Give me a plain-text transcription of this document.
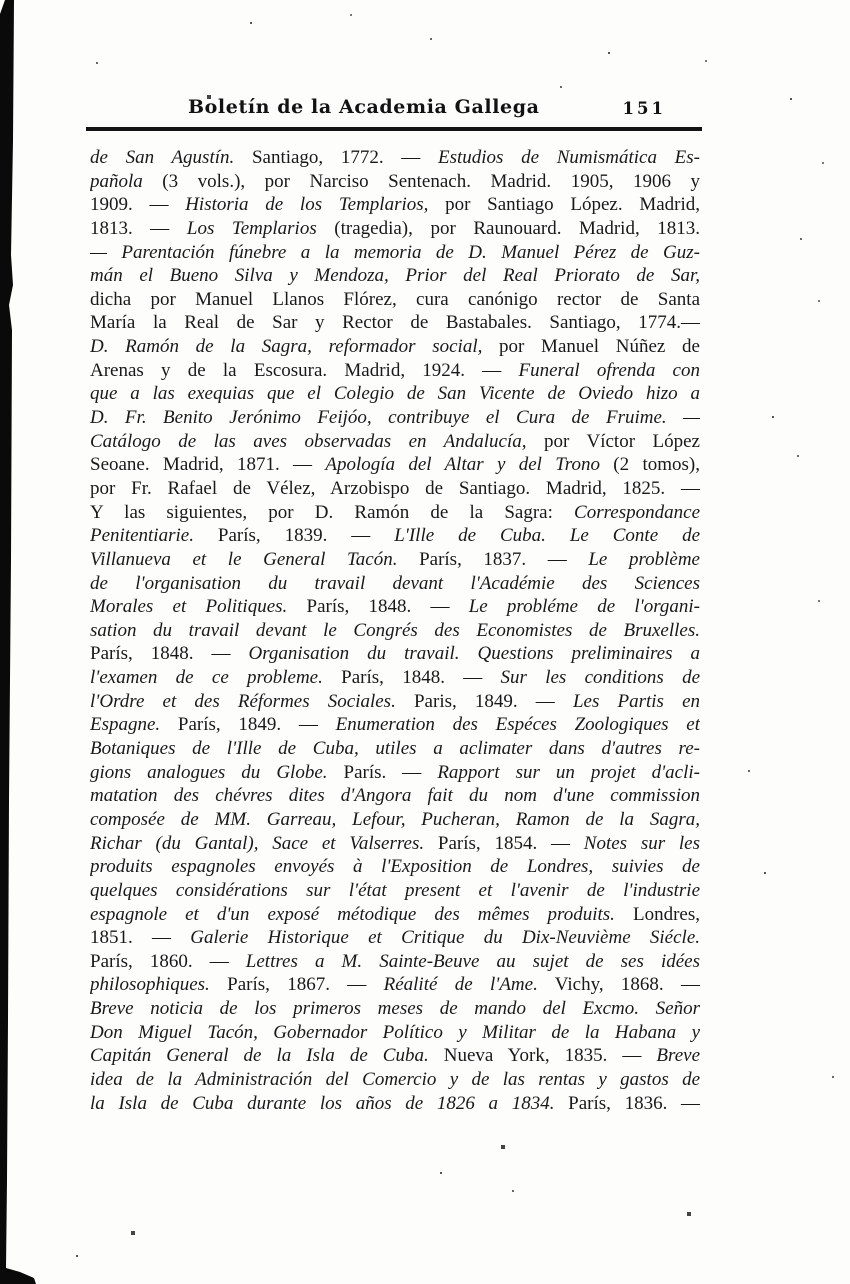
Boletín de la Academia Gallega	151
de San Agustín. Santiago, 1772. — Estudios de Numismática Es-
pañola (3 vols.), por Narciso Sentenach. Madrid. 1905, 1906 y
1909. — Historia de los Templarios, por Santiago López. Madrid,
1813. — Los Templarios (tragedia), por Raunouard. Madrid, 1813.
— Parentación fúnebre a la memoria de D. Manuel Pérez de Guz-
mán el Bueno Silva y Mendoza, Prior del Real Priorato de Sar,
dicha por Manuel Llanos Flórez, cura canónigo rector de Santa
María la Real de Sar y Rector de Bastabales. Santiago, 1774.—
D. Ramón de la Sagra, reformador social, por Manuel Núñez de
Arenas y de la Escosura. Madrid, 1924. — Funeral ofrenda con
que a las exequias que el Colegio de San Vicente de Oviedo hizo a
D. Fr. Benito Jerónimo Feijóo, contribuye el Cura de Fruime. —
Catálogo de las aves observadas en Andalucía, por Víctor López
Seoane. Madrid, 1871. — Apología del Altar y del Trono (2 tomos),
por Fr. Rafael de Vélez, Arzobispo de Santiago. Madrid, 1825. —
Y las siguientes, por D. Ramón de la Sagra: Correspondance
Penitentiarie. París, 1839. — L'Ille de Cuba. Le Conte de
Villanueva et le General Tacón. París, 1837. — Le problème
de l'organisation du travail devant l'Académie des Sciences
Morales et Politiques. París, 1848. — Le probléme de l'organi-
sation du travail devant le Congrés des Economistes de Bruxelles.
París, 1848. — Organisation du travail. Questions preliminaires a
l'examen de ce probleme. París, 1848. — Sur les conditions de
l'Ordre et des Réformes Sociales. Paris, 1849. — Les Partis en
Espagne. París, 1849. — Enumeration des Espéces Zoologiques et
Botaniques de l'Ille de Cuba, utiles a aclimater dans d'autres re-
gions analogues du Globe. París. — Rapport sur un projet d'acli-
matation des chévres dites d'Angora fait du nom d'une commission
composée de MM. Garreau, Lefour, Pucheran, Ramon de la Sagra,
Richar (du Gantal), Sace et Valserres. París, 1854. — Notes sur les
produits espagnoles envoyés à l'Exposition de Londres, suivies de
quelques considérations sur l'état present et l'avenir de l'industrie
espagnole et d'un exposé métodique des mêmes produits. Londres,
1851. — Galerie Historique et Critique du Dix-Neuvième Siécle.
París, 1860. — Lettres a M. Sainte-Beuve au sujet de ses idées
philosophiques. París, 1867. — Réalité de l'Ame. Vichy, 1868. —
Breve noticia de los primeros meses de mando del Excmo. Señor
Don Miguel Tacón, Gobernador Político y Militar de la Habana y
Capitán General de la Isla de Cuba. Nueva York, 1835. — Breve
idea de la Administración del Comercio y de las rentas y gastos de
la Isla de Cuba durante los años de 1826 a 1834. París, 1836. —
